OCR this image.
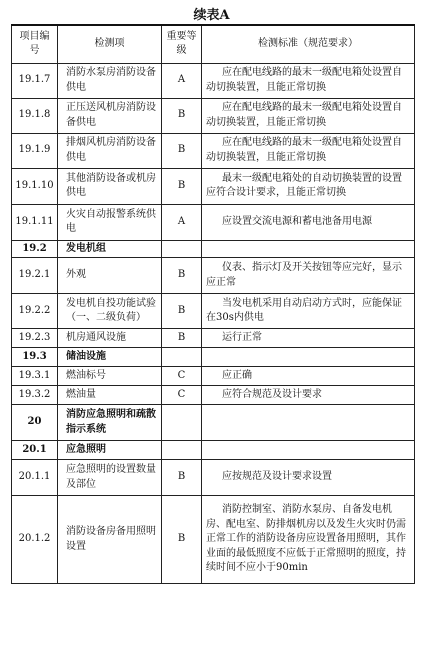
续表A
项目编号	检测项	重要等级	检测标准（规范要求）
19.1.7	消防水泵房消防设备供电	A	应在配电线路的最末一级配电箱处设置自动切换装置，且能正常切换
19.1.8	正压送风机房消防设备供电	B	应在配电线路的最末一级配电箱处设置自动切换装置，且能正常切换
19.1.9	排烟风机房消防设备供电	B	应在配电线路的最末一级配电箱处设置自动切换装置，且能正常切换
19.1.10	其他消防设备或机房供电	B	最末一级配电箱处的自动切换装置的设置应符合设计要求，且能正常切换
19.1.11	火灾自动报警系统供电	A	应设置交流电源和蓄电池备用电源
19.2	发电机组		
19.2.1	外观	B	仪表、指示灯及开关按钮等应完好，显示应正常
19.2.2	发电机自投功能试验（一、二级负荷）	B	当发电机采用自动启动方式时，应能保证在30s内供电
19.2.3	机房通风设施	B	运行正常
19.3	储油设施		
19.3.1	燃油标号	C	应正确
19.3.2	燃油量	C	应符合规范及设计要求
20	消防应急照明和疏散指示系统		
20.1	应急照明		
20.1.1	应急照明的设置数量及部位	B	应按规范及设计要求设置
20.1.2	消防设备房备用照明设置	B	消防控制室、消防水泵房、自备发电机房、配电室、防排烟机房以及发生火灾时仍需正常工作的消防设备房应设置备用照明，其作业面的最低照度不应低于正常照明的照度，持续时间不应小于90min
